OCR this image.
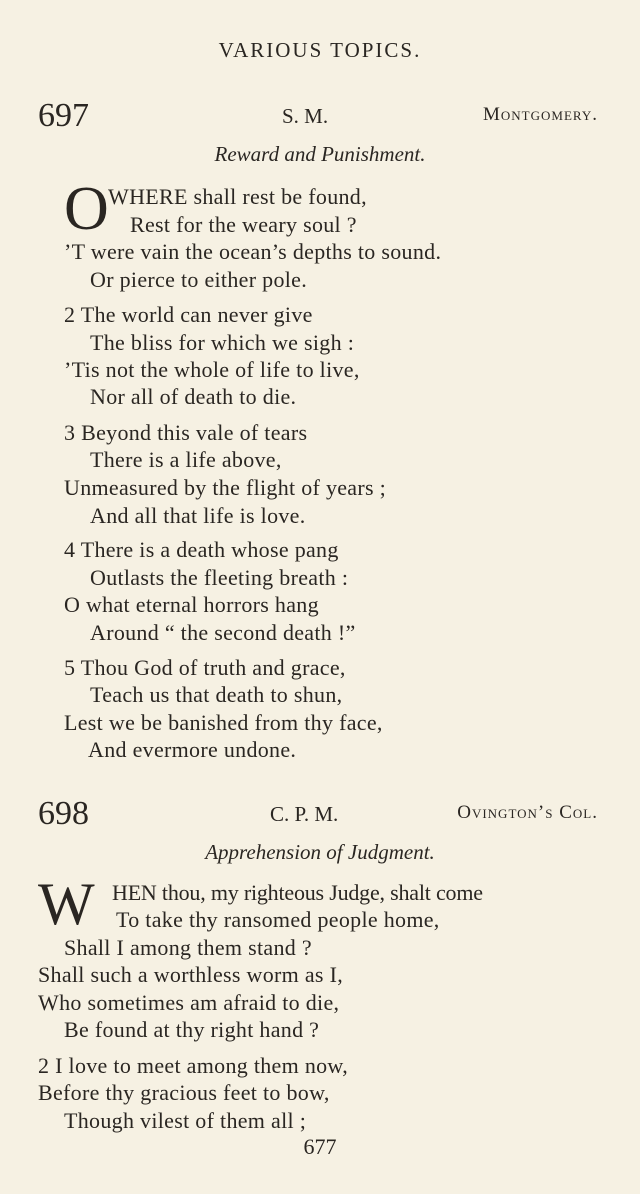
VARIOUS TOPICS.
697	S. M.	Montgomery.
Reward and Punishment.
O WHERE shall rest be found,
Rest for the weary soul ?
’T were vain the ocean’s depths to sound.
Or pierce to either pole.
2 The world can never give
The bliss for which we sigh :
’Tis not the whole of life to live,
Nor all of death to die.
3 Beyond this vale of tears
There is a life above,
Unmeasured by the flight of years ;
And all that life is love.
4 There is a death whose pang
Outlasts the fleeting breath :
O what eternal horrors hang
Around “ the second death !”
5 Thou God of truth and grace,
Teach us that death to shun,
Lest we be banished from thy face,
And evermore undone.
698	C. P. M.	Ovington’s Col.
Apprehension of Judgment.
W HEN thou, my righteous Judge, shalt come
To take thy ransomed people home,
Shall I among them stand ?
Shall such a worthless worm as I,
Who sometimes am afraid to die,
Be found at thy right hand ?
2 I love to meet among them now,
Before thy gracious feet to bow,
Though vilest of them all ;
677
